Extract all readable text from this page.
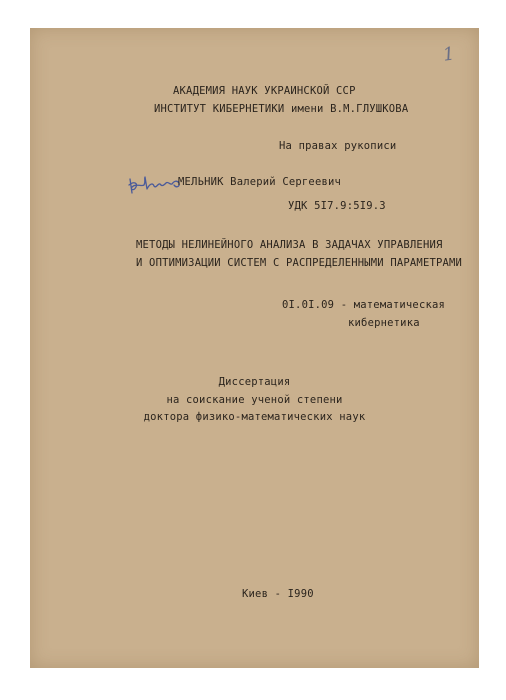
1
АКАДЕМИЯ НАУК УКРАИНСКОЙ ССР
ИНСТИТУТ КИБЕРНЕТИКИ имени В.М.ГЛУШКОВА
На правах рукописи
МЕЛЬНИК Валерий Сергеевич
УДК 5I7.9:5I9.3
МЕТОДЫ НЕЛИНЕЙНОГО АНАЛИЗА В ЗАДАЧАХ УПРАВЛЕНИЯ
И ОПТИМИЗАЦИИ СИСТЕМ С РАСПРЕДЕЛЕННЫМИ ПАРАМЕТРАМИ
0I.0I.09 - математическая
кибернетика
Диссертация
на соискание ученой степени
доктора физико-математических наук
Киев - I990
